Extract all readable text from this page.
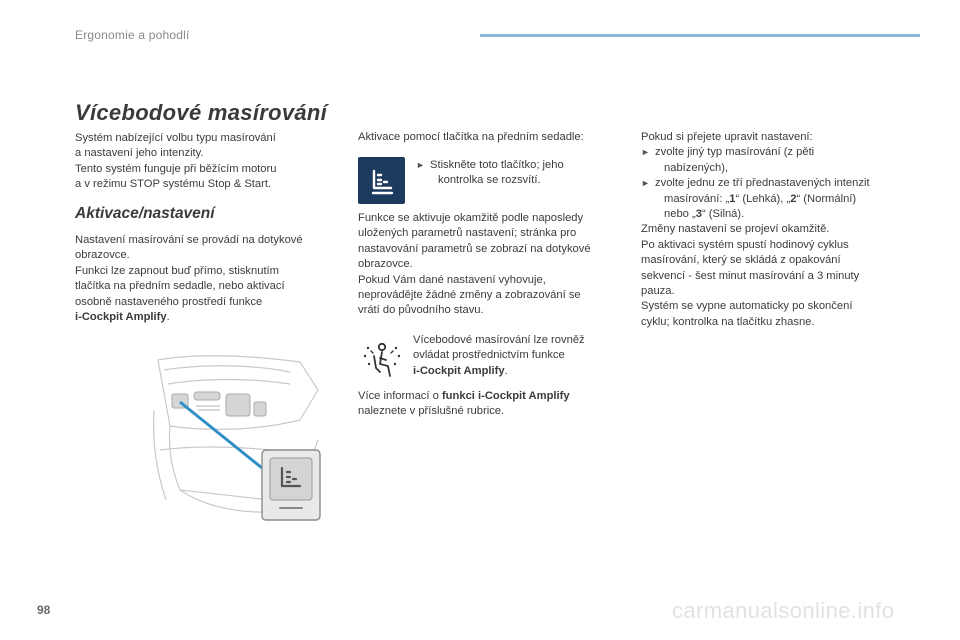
Ergonomie a pohodlí
Vícebodové masírování
Systém nabízející volbu typu masírování
a nastavení jeho intenzity.
Tento systém funguje při běžícím motoru
a v režimu STOP systému Stop & Start.
Aktivace/nastavení
Nastavení masírování se provádí na dotykové
obrazovce.
Funkci lze zapnout buď přímo, stisknutím
tlačítka na předním sedadle, nebo aktivací
osobně nastaveného prostředí funkce
i-Cockpit Amplify.
Aktivace pomocí tlačítka na předním sedadle:
► Stiskněte toto tlačítko; jeho
kontrolka se rozsvítí.
Funkce se aktivuje okamžitě podle naposledy
uložených parametrů nastavení; stránka pro
nastavování parametrů se zobrazí na dotykové
obrazovce.
Pokud Vám dané nastavení vyhovuje,
neprovádějte žádné změny a zobrazování se
vrátí do původního stavu.
Vícebodové masírování lze rovněž
ovládat prostřednictvím funkce
i-Cockpit Amplify.
Více informací o funkci i-Cockpit Amplify
naleznete v příslušné rubrice.
Pokud si přejete upravit nastavení:
► zvolte jiný typ masírování (z pěti
nabízených),
► zvolte jednu ze tří přednastavených intenzit
masírování: „1“ (Lehká), „2“ (Normální)
nebo „3“ (Silná).
Změny nastavení se projeví okamžitě.
Po aktivaci systém spustí hodinový cyklus
masírování, který se skládá z opakování
sekvencí - šest minut masírování a 3 minuty
pauza.
Systém se vypne automaticky po skončení
cyklu; kontrolka na tlačítku zhasne.
98	carmanualsonline.info
